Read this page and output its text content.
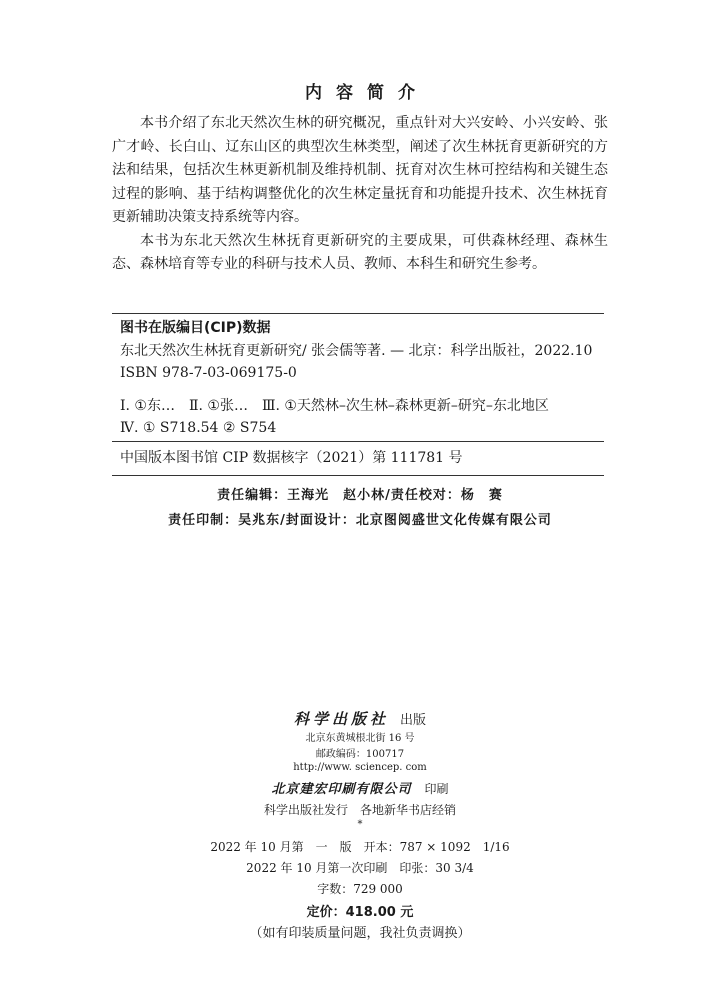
内容简介

本书介绍了东北天然次生林的研究概况，重点针对大兴安岭、小兴安岭、张广才岭、长白山、辽东山区的典型次生林类型，阐述了次生林抚育更新研究的方法和结果，包括次生林更新机制及维持机制、抚育对次生林可控结构和关键生态过程的影响、基于结构调整优化的次生林定量抚育和功能提升技术、次生林抚育更新辅助决策支持系统等内容。

本书为东北天然次生林抚育更新研究的主要成果，可供森林经理、森林生态、森林培育等专业的科研与技术人员、教师、本科生和研究生参考。

图书在版编目(CIP)数据
东北天然次生林抚育更新研究/ 张会儒等著. — 北京：科学出版社，2022.10
ISBN 978-7-03-069175-0
Ⅰ. ①东…　Ⅱ. ①张…　Ⅲ. ①天然林–次生林–森林更新–研究–东北地区
Ⅳ. ① S718.54 ② S754
中国版本图书馆 CIP 数据核字（2021）第 111781 号
责任编辑：王海光　赵小林/责任校对：杨　赛
责任印制：吴兆东/封面设计：北京图阅盛世文化传媒有限公司
科学出版社 出版
北京东黄城根北街 16 号
邮政编码：100717
http://www. sciencep. com
北京建宏印刷有限公司 印刷
科学出版社发行　各地新华书店经销
*
2022 年 10 月第　一　版　开本：787 × 1092　1/16
2022 年 10 月第一次印刷　印张：30 3/4
字数：729 000
定价：418.00 元
（如有印装质量问题，我社负责调换）
